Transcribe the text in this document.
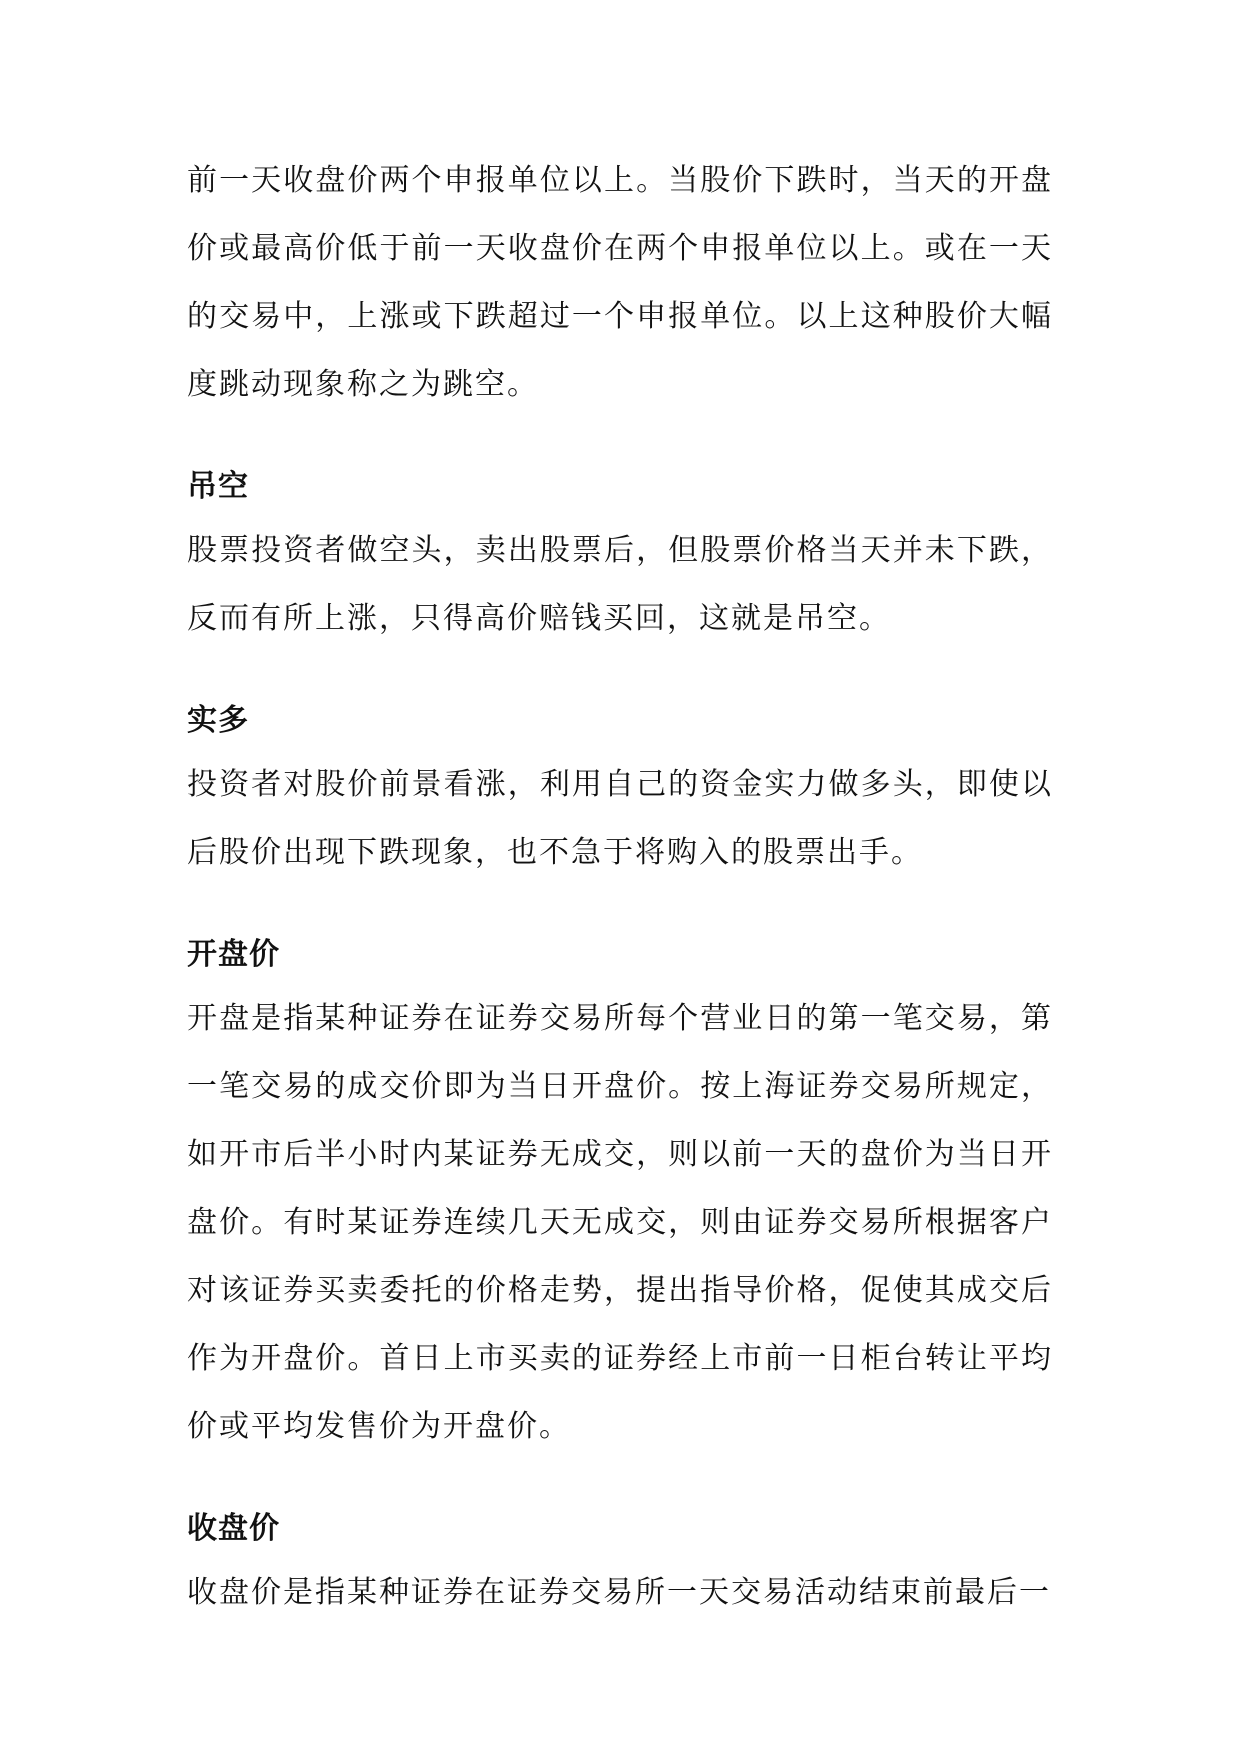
前一天收盘价两个申报单位以上。当股价下跌时，当天的开盘价或最高价低于前一天收盘价在两个申报单位以上。或在一天的交易中，上涨或下跌超过一个申报单位。以上这种股价大幅度跳动现象称之为跳空。

吊空

股票投资者做空头，卖出股票后，但股票价格当天并未下跌，反而有所上涨，只得高价赔钱买回，这就是吊空。

实多

投资者对股价前景看涨，利用自己的资金实力做多头，即使以后股价出现下跌现象，也不急于将购入的股票出手。

开盘价

开盘是指某种证券在证券交易所每个营业日的第一笔交易，第一笔交易的成交价即为当日开盘价。按上海证券交易所规定，如开市后半小时内某证券无成交，则以前一天的盘价为当日开盘价。有时某证券连续几天无成交，则由证券交易所根据客户对该证券买卖委托的价格走势，提出指导价格，促使其成交后作为开盘价。首日上市买卖的证券经上市前一日柜台转让平均价或平均发售价为开盘价。

收盘价

收盘价是指某种证券在证券交易所一天交易活动结束前最后一
